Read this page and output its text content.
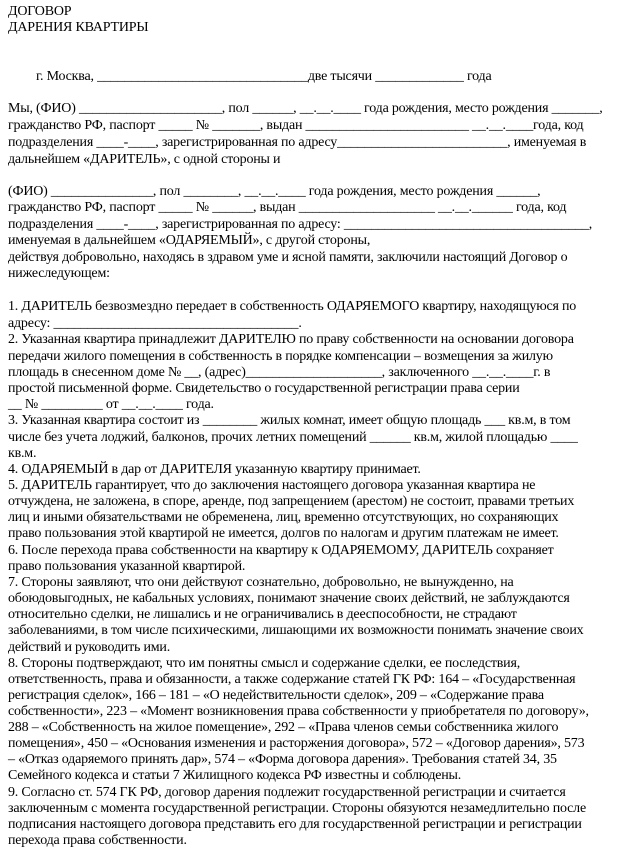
ДОГОВОР
ДАРЕНИЯ КВАРТИРЫ
г. Москва, _______________________________две тысячи _____________ года
Мы, (ФИО) _____________________, пол ______, __.__.____ года рождения, место рождения _______,
гражданство РФ, паспорт _____ № _______, выдан ________________________ __.__.____года, код
подразделения ____-____, зарегистрированная по адресу_________________________, именуемая в
дальнейшем «ДАРИТЕЛЬ», с одной стороны и
(ФИО) _______________, пол ________, __.__.____ года рождения, место рождения ______,
гражданство РФ, паспорт _____ № ______, выдан ____________________ __.__.______ года, код
подразделения ____-____, зарегистрированная по адресу: ____________________________________,
именуемая в дальнейшем «ОДАРЯЕМЫЙ», с другой стороны,
действуя добровольно, находясь в здравом уме и ясной памяти, заключили настоящий Договор о
нижеследующем:
1. ДАРИТЕЛЬ безвозмездно передает в собственность ОДАРЯЕМОГО квартиру, находящуюся по
адресу: ____________________________________.
2. Указанная квартира принадлежит ДАРИТЕЛЮ по праву собственности на основании договора
передачи жилого помещения в собственность в порядке компенсации – возмещения за жилую
площадь в снесенном доме № __, (адрес)____________________, заключенного __.__.____г. в
простой письменной форме. Свидетельство о государственной регистрации права серии
__ № _________ от __.__.____ года.
3. Указанная квартира состоит из ________ жилых комнат, имеет общую площадь ___ кв.м, в том
числе без учета лоджий, балконов, прочих летних помещений ______ кв.м, жилой площадью ____
кв.м.
4. ОДАРЯЕМЫЙ в дар от ДАРИТЕЛЯ указанную квартиру принимает.
5. ДАРИТЕЛЬ гарантирует, что до заключения настоящего договора указанная квартира не
отчуждена, не заложена, в споре, аренде, под запрещением (арестом) не состоит, правами третьих
лиц и иными обязательствами не обременена, лиц, временно отсутствующих, но сохраняющих
право пользования этой квартирой не имеется, долгов по налогам и другим платежам не имеет.
6. После перехода права собственности на квартиру к ОДАРЯЕМОМУ, ДАРИТЕЛЬ сохраняет
право пользования указанной квартирой.
7. Стороны заявляют, что они действуют сознательно, добровольно, не вынужденно, на
обоюдовыгодных, не кабальных условиях, понимают значение своих действий, не заблуждаются
относительно сделки, не лишались и не ограничивались в дееспособности, не страдают
заболеваниями, в том числе психическими, лишающими их возможности понимать значение своих
действий и руководить ими.
8. Стороны подтверждают, что им понятны смысл и содержание сделки, ее последствия,
ответственность, права и обязанности, а также содержание статей ГК РФ: 164 – «Государственная
регистрация сделок», 166 – 181 – «О недействительности сделок», 209 – «Содержание права
собственности», 223 – «Момент возникновения права собственности у приобретателя по договору»,
288 – «Собственность на жилое помещение», 292 – «Права членов семьи собственника жилого
помещения», 450 – «Основания изменения и расторжения договора», 572 – «Договор дарения», 573
– «Отказ одаряемого принять дар», 574 – «Форма договора дарения». Требования статей 34, 35
Семейного кодекса и статьи 7 Жилищного кодекса РФ известны и соблюдены.
9. Согласно ст. 574 ГК РФ, договор дарения подлежит государственной регистрации и считается
заключенным с момента государственной регистрации. Стороны обязуются незамедлительно после
подписания настоящего договора представить его для государственной регистрации и регистрации
перехода права собственности.
